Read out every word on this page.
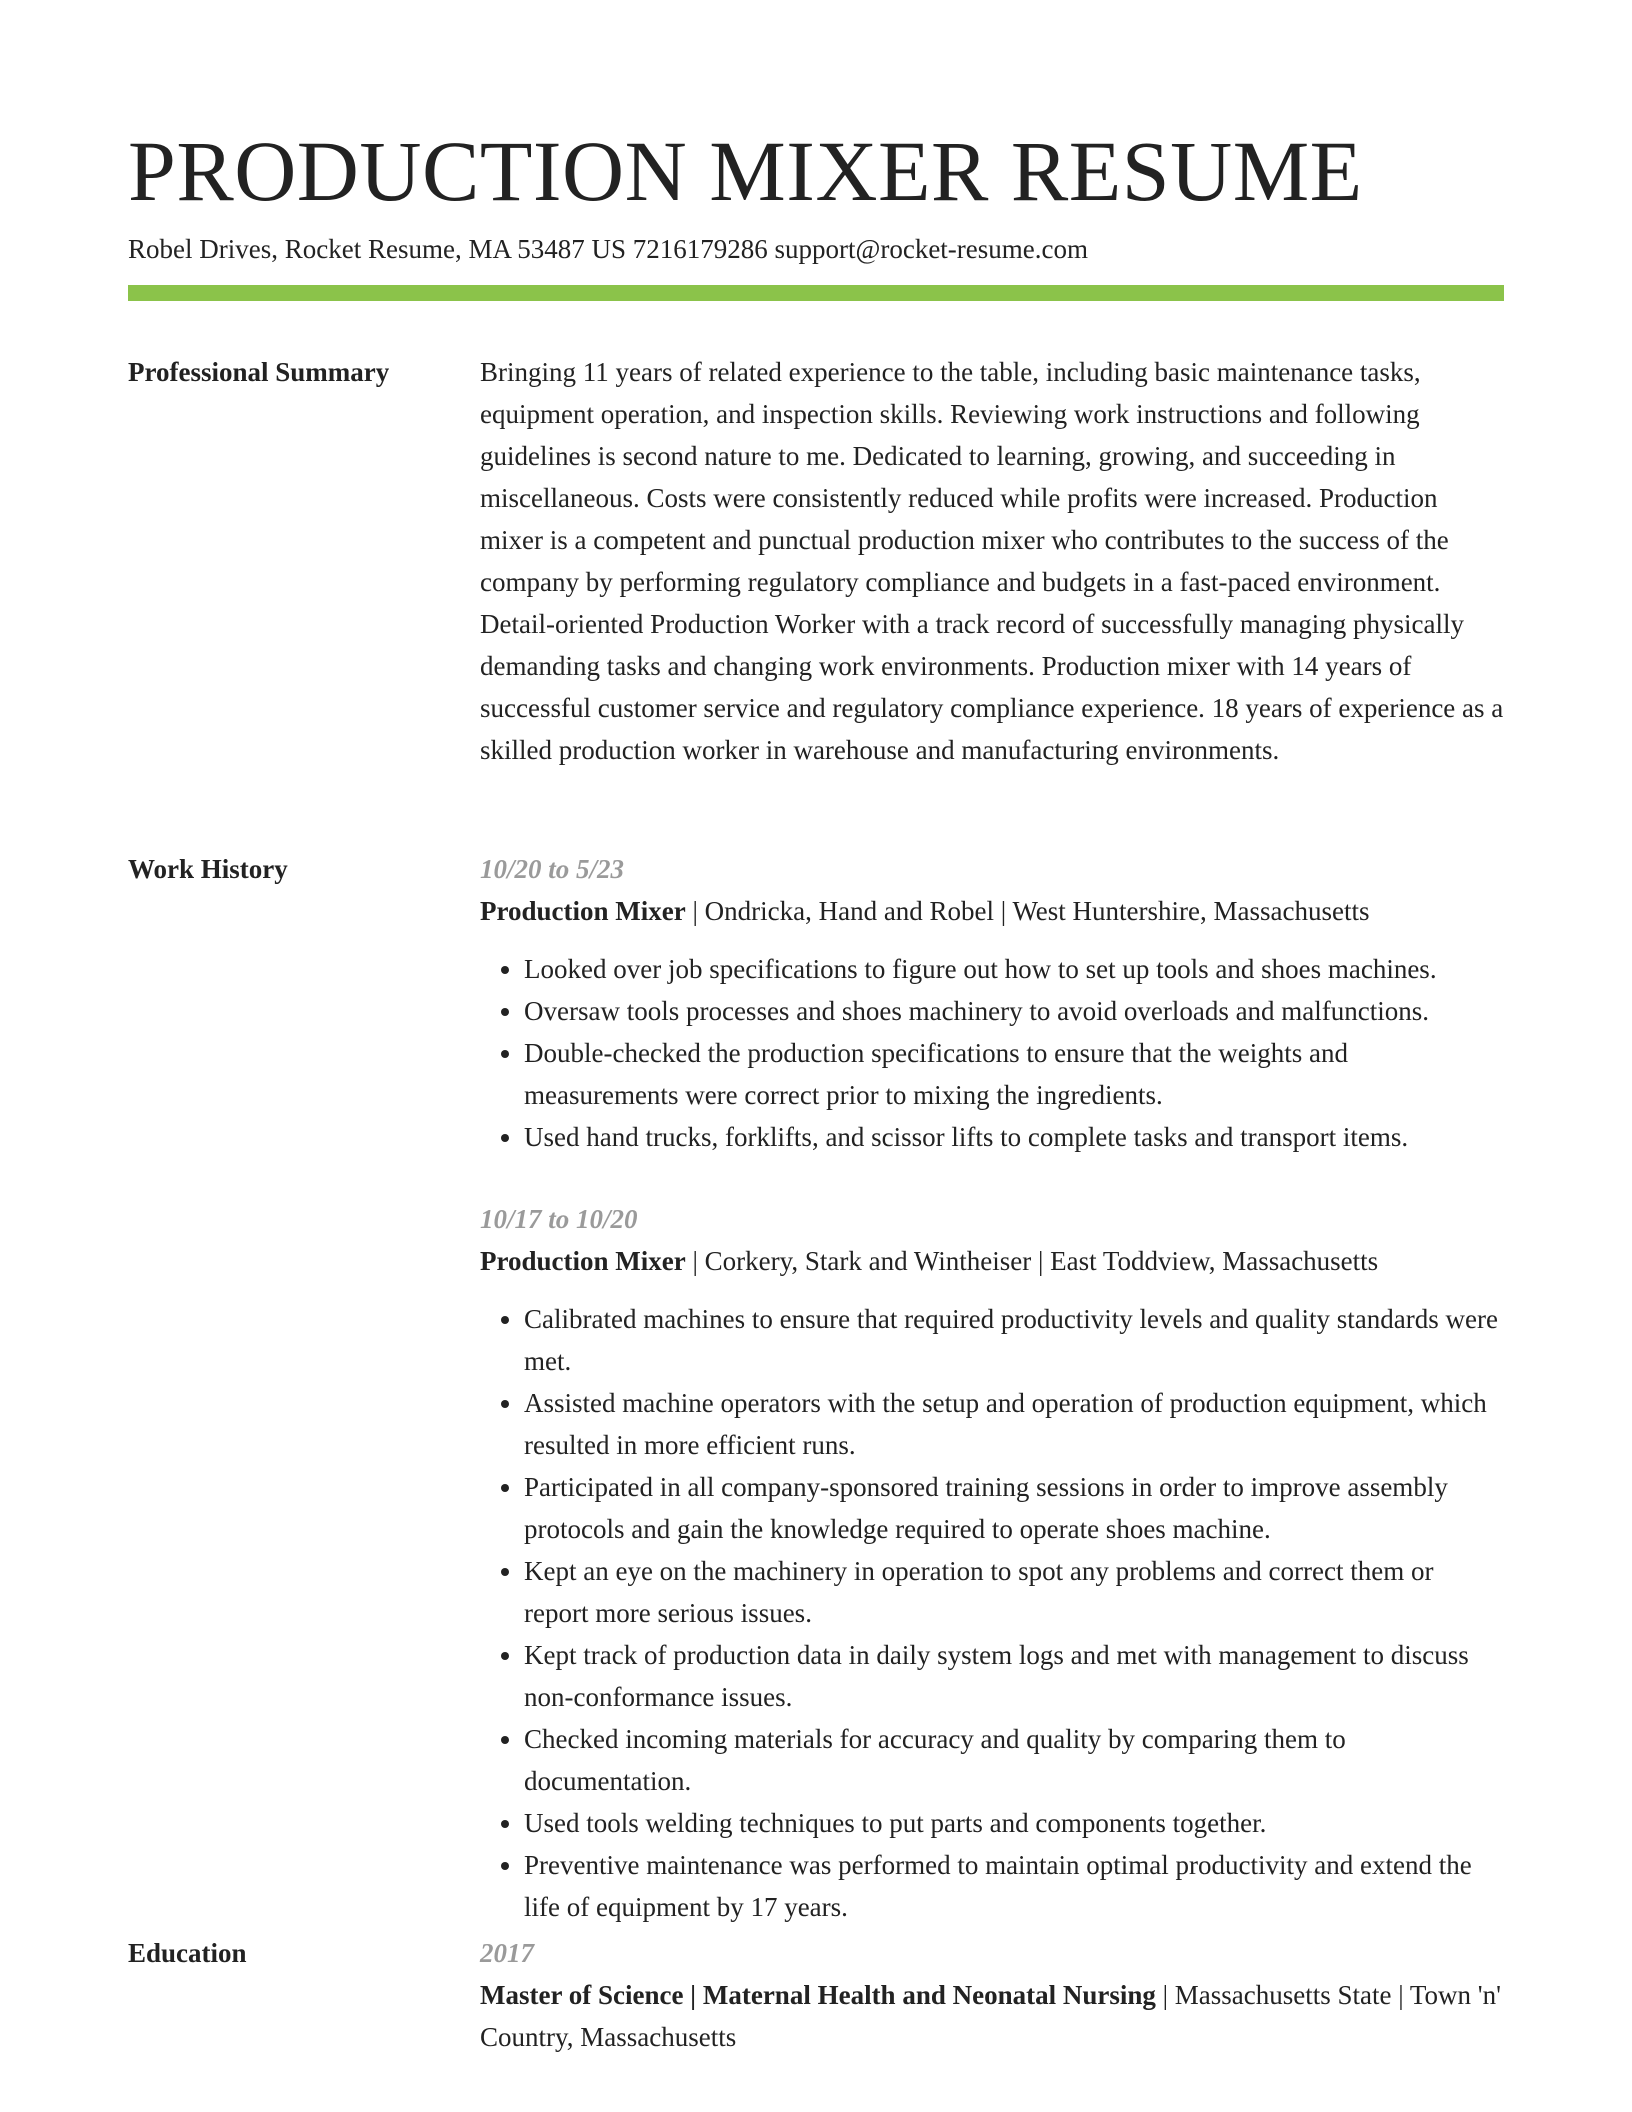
PRODUCTION MIXER RESUME
Robel Drives, Rocket Resume, MA 53487 US 7216179286 support@rocket-resume.com
Professional Summary	Bringing 11 years of related experience to the table, including basic maintenance tasks, equipment operation, and inspection skills. Reviewing work instructions and following guidelines is second nature to me. Dedicated to learning, growing, and succeeding in miscellaneous. Costs were consistently reduced while profits were increased. Production mixer is a competent and punctual production mixer who contributes to the success of the company by performing regulatory compliance and budgets in a fast-paced environment. Detail-oriented Production Worker with a track record of successfully managing physically demanding tasks and changing work environments. Production mixer with 14 years of successful customer service and regulatory compliance experience. 18 years of experience as a skilled production worker in warehouse and manufacturing environments.

Work History	10/20 to 5/23
Production Mixer | Ondricka, Hand and Robel | West Huntershire, Massachusetts
• Looked over job specifications to figure out how to set up tools and shoes machines.
• Oversaw tools processes and shoes machinery to avoid overloads and malfunctions.
• Double-checked the production specifications to ensure that the weights and measurements were correct prior to mixing the ingredients.
• Used hand trucks, forklifts, and scissor lifts to complete tasks and transport items.
10/17 to 10/20
Production Mixer | Corkery, Stark and Wintheiser | East Toddview, Massachusetts
• Calibrated machines to ensure that required productivity levels and quality standards were met.
• Assisted machine operators with the setup and operation of production equipment, which resulted in more efficient runs.
• Participated in all company-sponsored training sessions in order to improve assembly protocols and gain the knowledge required to operate shoes machine.
• Kept an eye on the machinery in operation to spot any problems and correct them or report more serious issues.
• Kept track of production data in daily system logs and met with management to discuss non-conformance issues.
• Checked incoming materials for accuracy and quality by comparing them to documentation.
• Used tools welding techniques to put parts and components together.
• Preventive maintenance was performed to maintain optimal productivity and extend the life of equipment by 17 years.
Education	2017
Master of Science | Maternal Health and Neonatal Nursing | Massachusetts State | Town 'n' Country, Massachusetts
